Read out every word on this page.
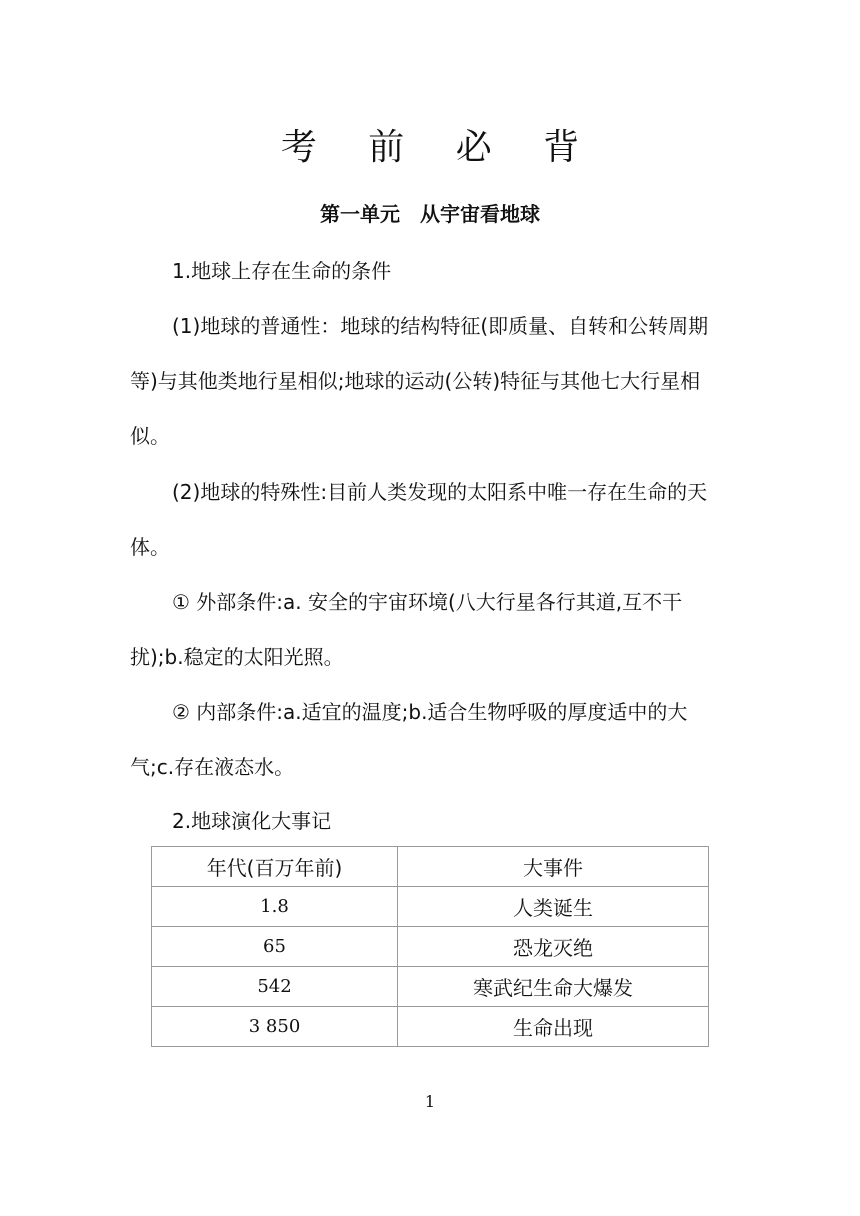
考 前 必 背
第一单元　从宇宙看地球

1.地球上存在生命的条件

(1)地球的普通性：地球的结构特征(即质量、自转和公转周期等)与其他类地行星相似;地球的运动(公转)特征与其他七大行星相似。

(2)地球的特殊性:目前人类发现的太阳系中唯一存在生命的天体。

① 外部条件:a. 安全的宇宙环境(八大行星各行其道,互不干扰);b.稳定的太阳光照。

② 内部条件:a.适宜的温度;b.适合生物呼吸的厚度适中的大气;c.存在液态水。

2.地球演化大事记

年代(百万年前)	大事件
1.8	人类诞生
65	恐龙灭绝
542	寒武纪生命大爆发
3 850	生命出现

1
